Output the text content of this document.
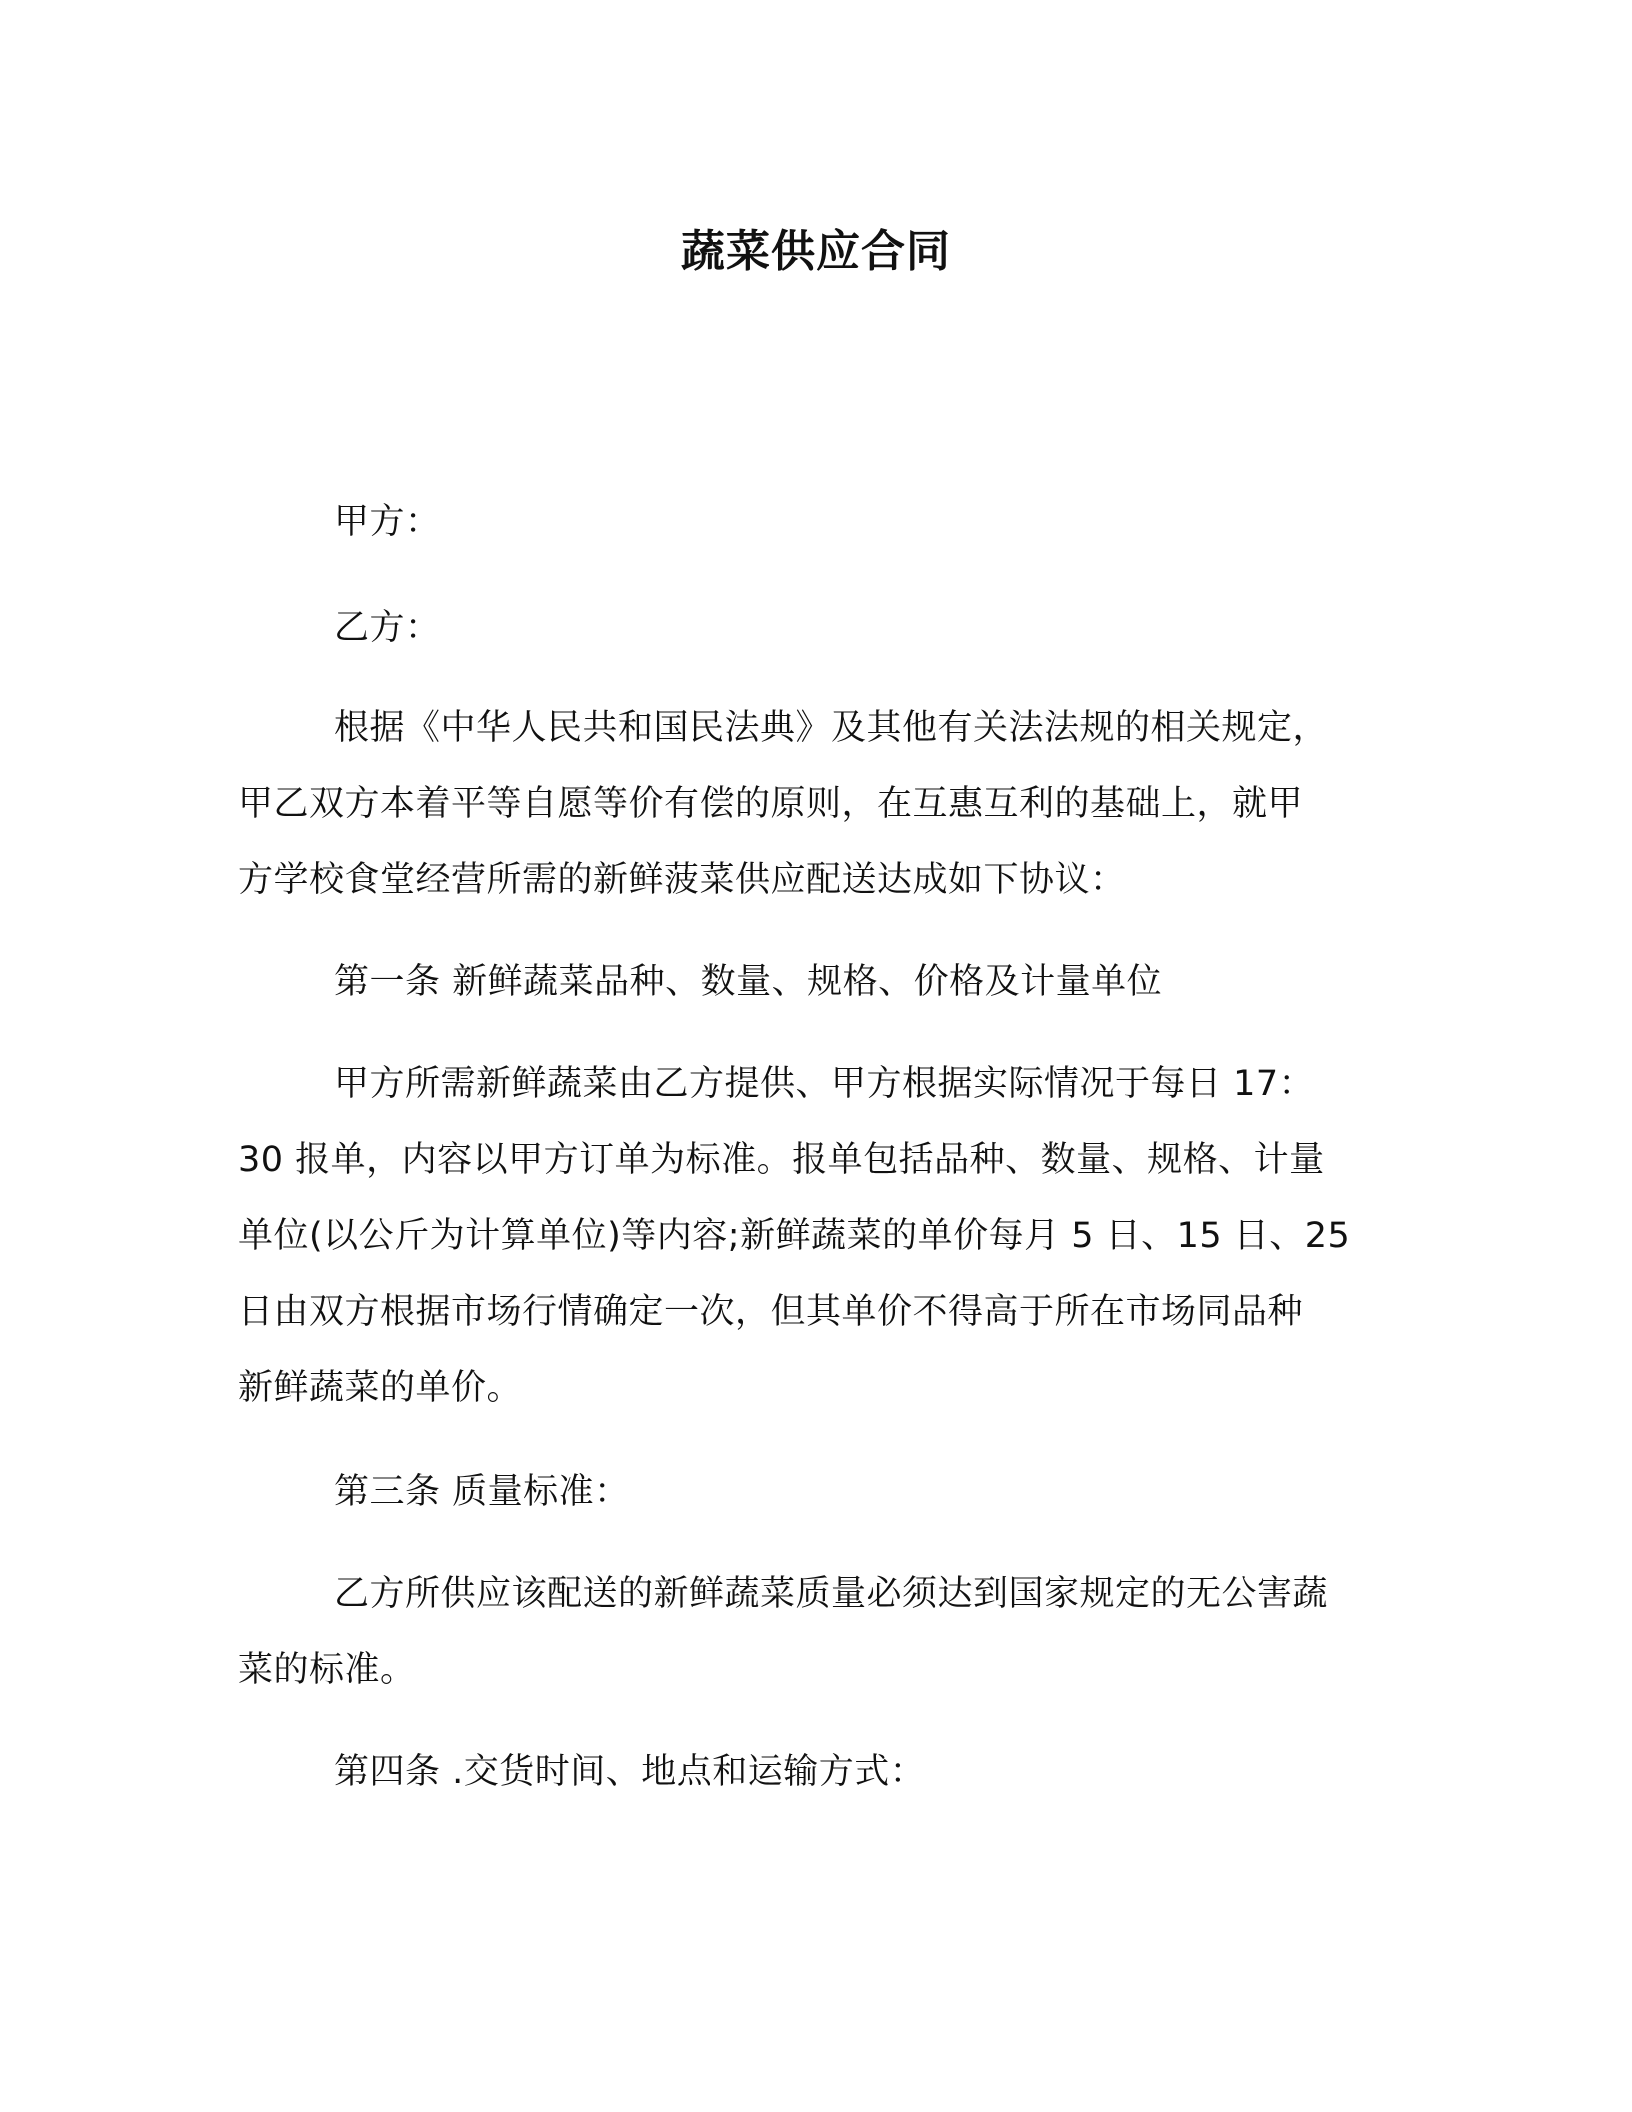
蔬菜供应合同
甲方：
乙方：
根据《中华人民共和国民法典》及其他有关法法规的相关规定，
甲乙双方本着平等自愿等价有偿的原则，在互惠互利的基础上，就甲
方学校食堂经营所需的新鲜菠菜供应配送达成如下协议：
第一条 新鲜蔬菜品种、数量、规格、价格及计量单位
甲方所需新鲜蔬菜由乙方提供、甲方根据实际情况于每日 17：
30 报单，内容以甲方订单为标准。报单包括品种、数量、规格、计量
单位(以公斤为计算单位)等内容;新鲜蔬菜的单价每月 5 日、15 日、25
日由双方根据市场行情确定一次，但其单价不得高于所在市场同品种
新鲜蔬菜的单价。
第三条 质量标准：
乙方所供应该配送的新鲜蔬菜质量必须达到国家规定的无公害蔬
菜的标准。
第四条 .交货时间、地点和运输方式：
